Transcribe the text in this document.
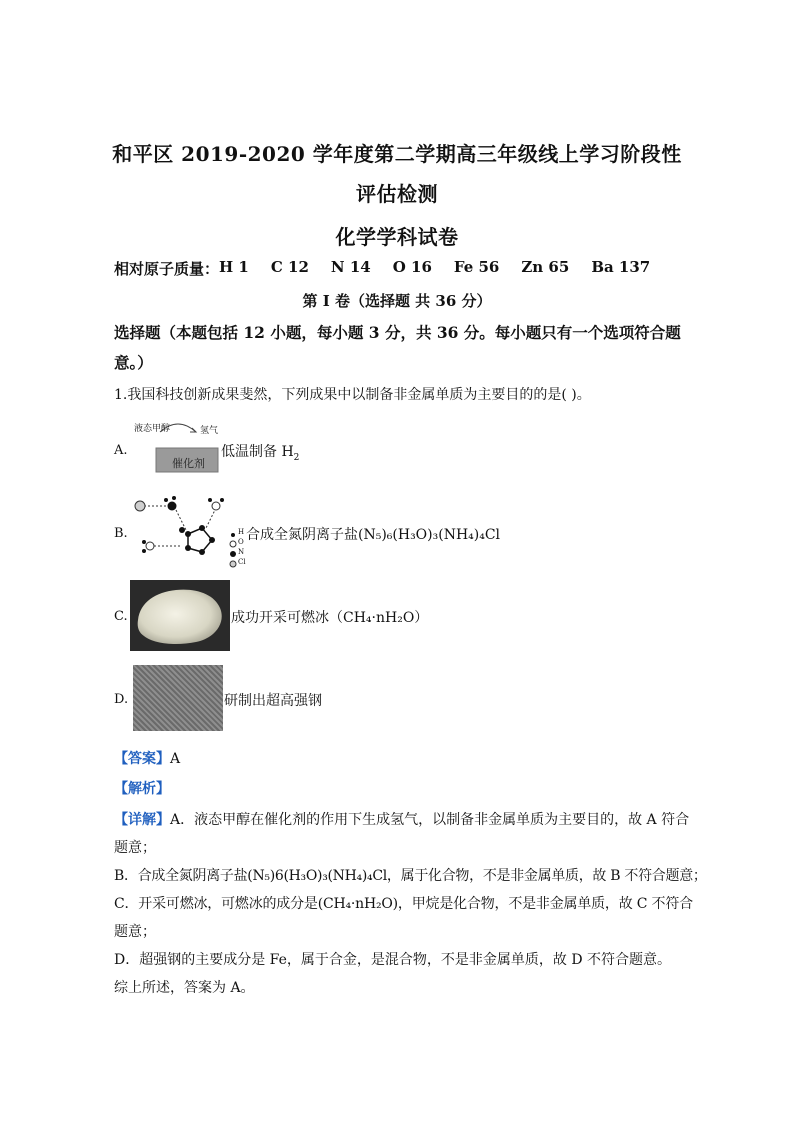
和平区 2019-2020 学年度第二学期高三年级线上学习阶段性
评估检测
化学学科试卷
相对原子质量： H 1 C 12 N 14 O 16 Fe 56 Zn 65 Ba 137
第 I 卷（选择题 共 36 分）
选择题（本题包括 12 小题，每小题 3 分，共 36 分。每小题只有一个选项符合题意。）
1.我国科技创新成果斐然，下列成果中以制备非金属单质为主要目的的是( )。
A.
液态甲醇	氢气
催化剂
低温制备 $H_2$
B.	H
O
N
Cl
合成全氮阴离子盐(N₅)₆(H₃O)₃(NH₄)₄Cl
C.	成功开采可燃冰（CH₄·nH₂O）
D.	研制出超高强钢
【答案】A
【解析】
【详解】A．液态甲醇在催化剂的作用下生成氢气，以制备非金属单质为主要目的，故 A 符合
题意；
B．合成全氮阴离子盐(N₅)6(H₃O)₃(NH₄)₄Cl，属于化合物，不是非金属单质，故 B 不符合题意；
C．开采可燃冰，可燃冰的成分是(CH₄·nH₂O)，甲烷是化合物，不是非金属单质，故 C 不符合
题意；
D．超强钢的主要成分是 Fe，属于合金，是混合物，不是非金属单质，故 D 不符合题意。
综上所述，答案为 A。
